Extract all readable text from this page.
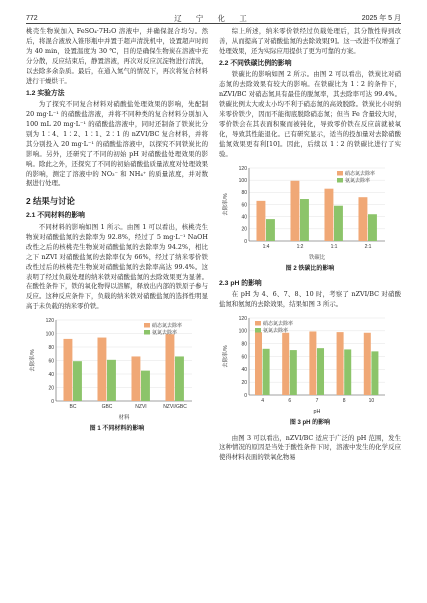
772	辽 宁 化 工	2025 年 5 月

桃壳生物炭加入 FeSO₄·7H₂O 溶液中，并确保混合均匀。然后，将混合液放入锥形瓶中并置于超声清洗机中，设置超声时间为 40 min，设置温度为 30 ℃，目的是确保生物炭在溶液中充分分散，反应结束后，静置溶液，再次对反应沉淀物进行清洗，以去除多余杂质。最后，在通入氮气的情况下，再次将复合材料进行干燥烘干。

1.2 实验方法

为了探究不同复合材料对硝酸盐处理效果的影响，先配制 20 mg·L⁻¹ 的硝酸盐溶液，并将不同种类的复合材料分别加入 100 mL 20 mg·L⁻¹ 的硝酸盐溶液中，同时还制备了铁炭比分别为 1∶4、1∶2、1∶1、2∶1 的 nZVI/BC 复合材料，并将其分别投入 20 mg·L⁻¹ 的硝酸盐溶液中，以探究不同铁炭比的影响。另外，还研究了不同的初始 pH 对硝酸盐处理效果的影响。除此之外，还探究了不同的初始硝酸盐质量浓度对处理效果的影响，测定了溶液中的 NO₃⁻ 和 NH₄⁺ 的质量浓度，并对数据进行处理。

2 结果与讨论
2.1 不同材料的影响

不同材料的影响如图 1 所示。由图 1 可以看出，核桃壳生物炭对硝酸盐氮的去除率为 92.8%，经过了 5 mg·L⁻¹ NaOH 改性之后的核桃壳生物炭对硝酸盐氮的去除率为 94.2%，相比之下 nZVI 对硝酸盐氮的去除率仅为 66%，经过了纳米零价铁改性过后的核桃壳生物炭对硝酸盐氮的去除率高达 99.4%。这表明了经过负载处理的纳米铁对硝酸盐氮的去除效果更为显著。在酸性条件下，铁的氧化物得以溶解，释放出内部的铁原子参与反应。这种反应条件下，负载的纳米铁对硝酸盐氮的选择性明显高于未负载的纳米零价铁。

0
20
40
60
80
100
120
BC	GBC	NZVI	NZVI/GBC
材料
去除率/%
硝态氮去除率
氨氮去除率
图 1 不同材料的影响

综上所述，纳米零价铁经过负载处理后，其分散性得到改善，从而提高了对硝酸盐氮的去除效果[9]。这一改进不仅增强了处理效果，还为实际应用提供了更为可靠的方案。

2.2 不同铁碳比例的影响

铁碳比的影响如图 2 所示。由图 2 可以看出，铁炭比对硝态氮的去除效果有较大的影响。在铁碳比为 1∶2 的条件下，nZVI/BC 对硝态氮具有最佳的脱氮率，其去除率可达 99.4%。铁碳比例太大或太小均不利于硝态氮的高效脱除。铁炭比小时纳米零价铁少，因而不能彻底脱除硝态氮；但当 Fe 含量较大时，零价铁会在其表面积聚而被钝化，导致零价铁在反应前就被氧化，导致其性能退化。已有研究显示，适当的投加量对去除硝酸盐氮效果更有利[10]。因此，后续以 1∶2 的铁碳比进行了实验。

0
20
40
60
80
100
120
1∶4	1∶2	1∶1	2∶1
铁碳比
去除率/%
硝态氮去除率
氨氮去除率
图 2 铁碳比的影响
2.3 pH 的影响

在 pH 为 4、6、7、8、10 时，考察了 nZVI/BC 对硝酸盐氮和氨氮的去除效果，结果如图 3 所示。

0
20
40
60
80
100
120
4	6	7	8	10
pH
去除率/%
硝态氮去除率
氨氮去除率
图 3 pH 的影响

由图 3 可以看出，nZVI/BC 适应于广泛的 pH 范围，发生这种情况的原因是当处于酸性条件下时，溶液中发生的化学反应使得材料表面的铁氧化物易
